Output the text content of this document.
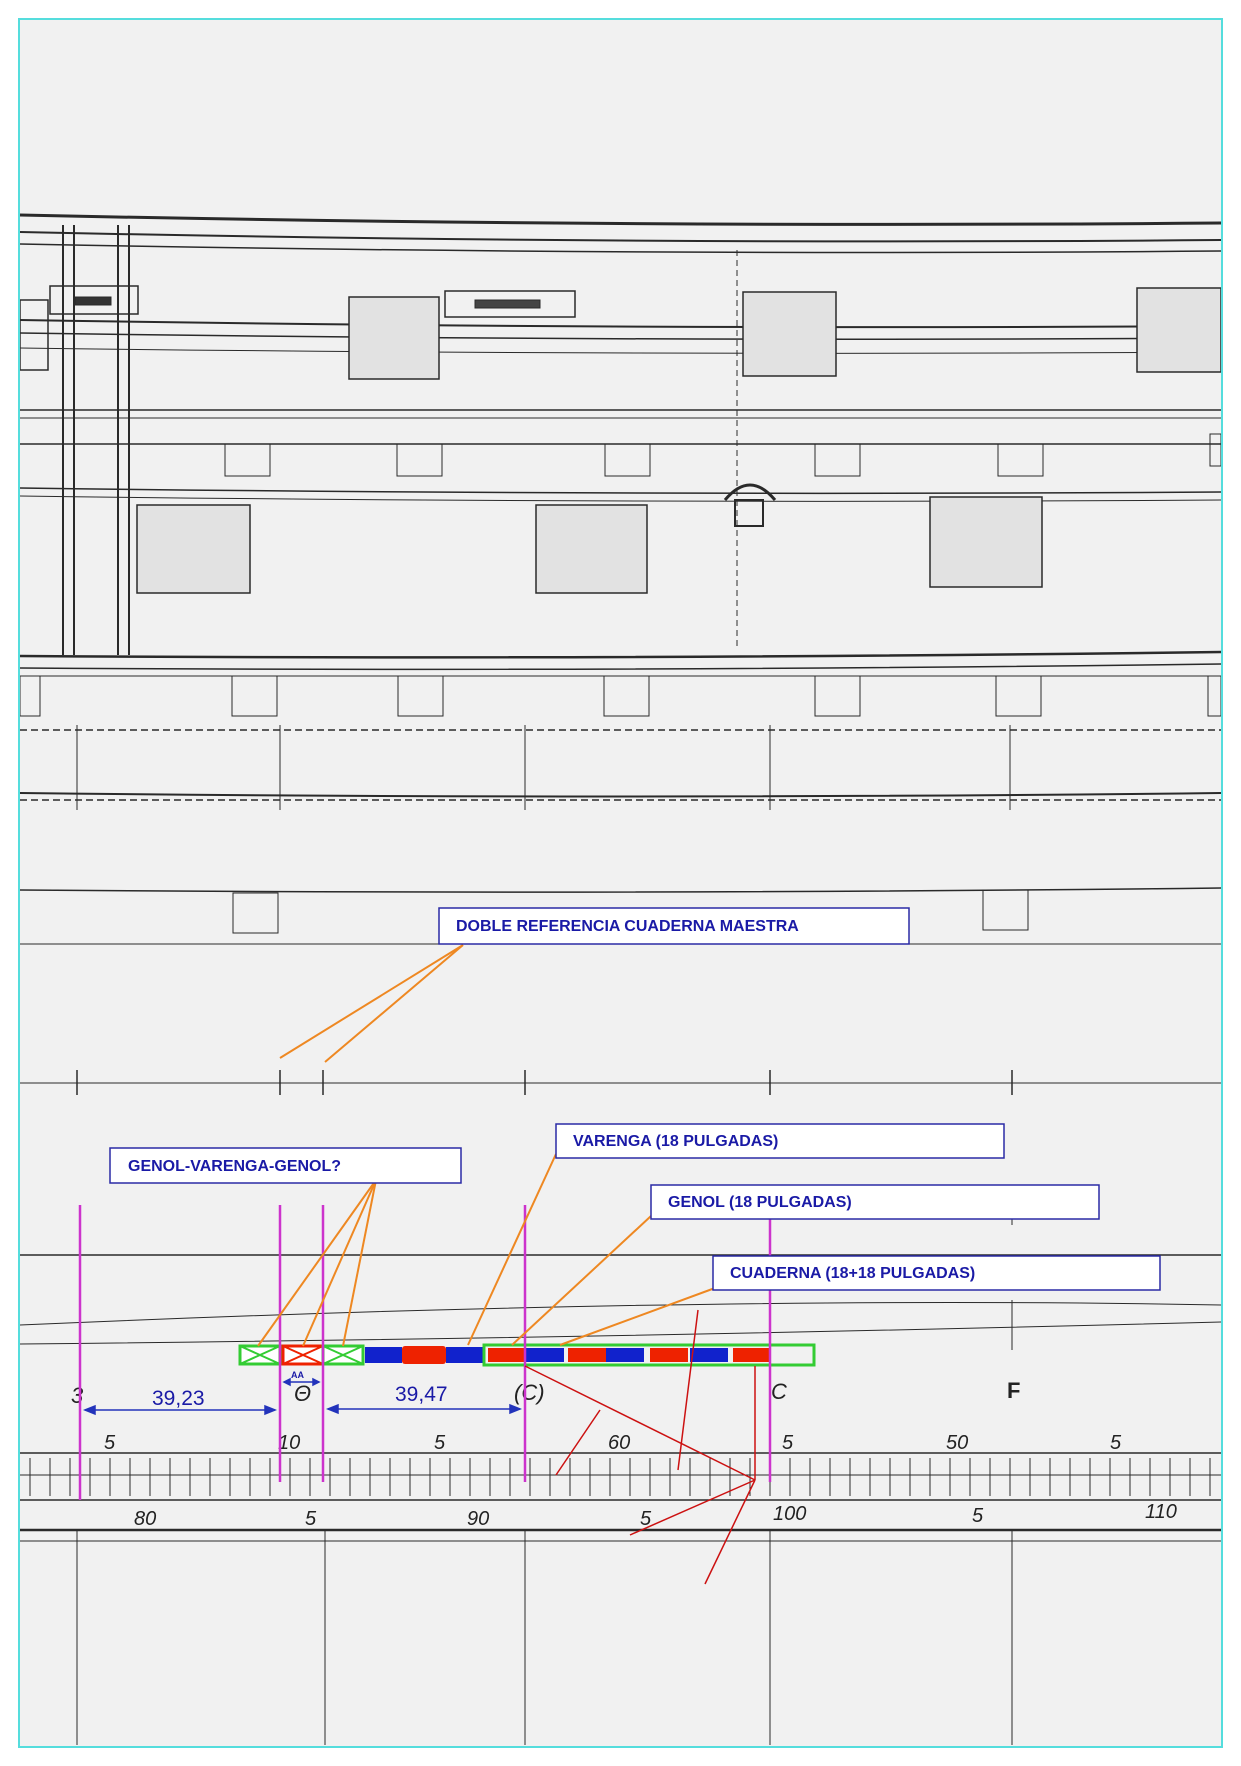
5	10	5	60	5	50	5
80	5	90	5	100	5	110
3	Θ	(C)	C	F
39,23
AA
39,47
DOBLE REFERENCIA CUADERNA MAESTRA
GENOL-VARENGA-GENOL?
VARENGA (18 PULGADAS)
GENOL (18 PULGADAS)
CUADERNA (18+18 PULGADAS)
